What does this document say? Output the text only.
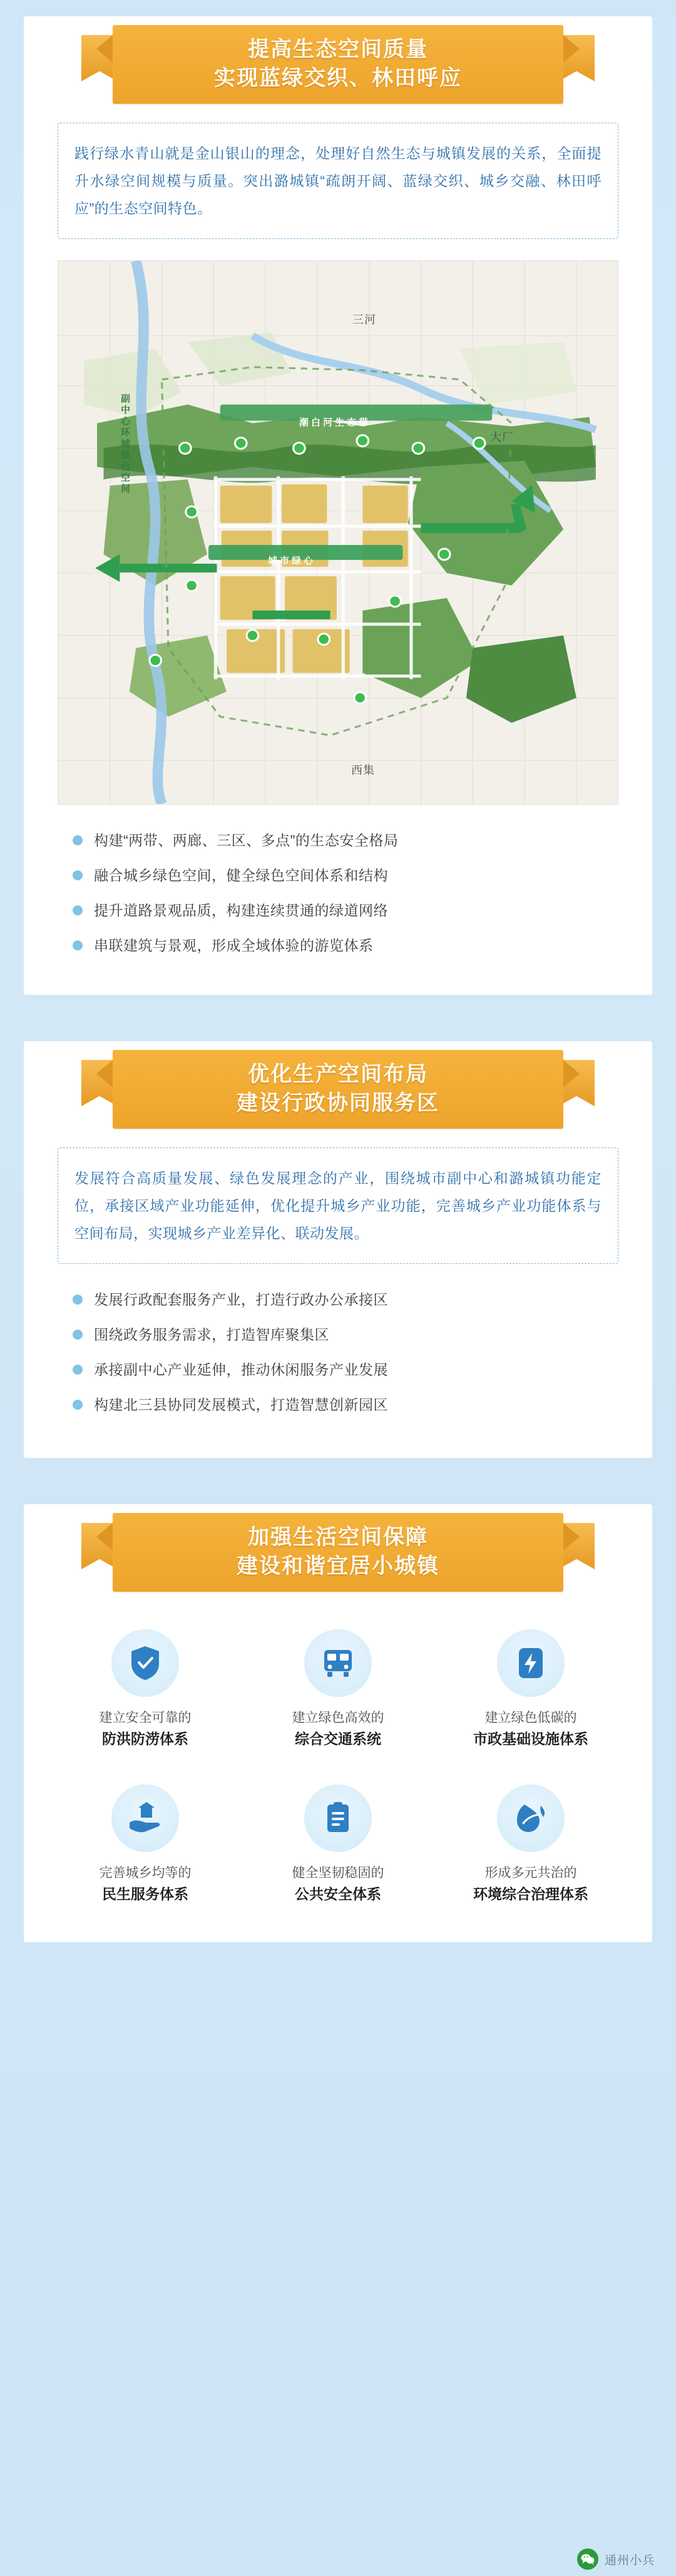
提高生态空间质量
实现蓝绿交织、林田呼应

践行绿水青山就是金山银山的理念，处理好自然生态与城镇发展的关系，全面提升水绿空间规模与质量。突出潞城镇“疏朗开阔、蓝绿交织、城乡交融、林田呼应”的生态空间特色。

三河
大厂
西集
副中心环城绿色空间	潮白河生态带
城市绿心
构建“两带、两廊、三区、多点”的生态安全格局
融合城乡绿色空间，健全绿色空间体系和结构
提升道路景观品质，构建连续贯通的绿道网络
串联建筑与景观，形成全域体验的游览体系
优化生产空间布局
建设行政协同服务区

发展符合高质量发展、绿色发展理念的产业，围绕城市副中心和潞城镇功能定位，承接区域产业功能延伸，优化提升城乡产业功能，完善城乡产业功能体系与空间布局，实现城乡产业差异化、联动发展。

发展行政配套服务产业，打造行政办公承接区
围绕政务服务需求，打造智库聚集区
承接副中心产业延伸，推动休闲服务产业发展
构建北三县协同发展模式，打造智慧创新园区
加强生活空间保障
建设和谐宜居小城镇
建立安全可靠的
防洪防涝体系
建立绿色高效的
综合交通系统
建立绿色低碳的
市政基础设施体系
完善城乡均等的
民生服务体系
健全坚韧稳固的
公共安全体系
形成多元共治的
环境综合治理体系
通州小兵
